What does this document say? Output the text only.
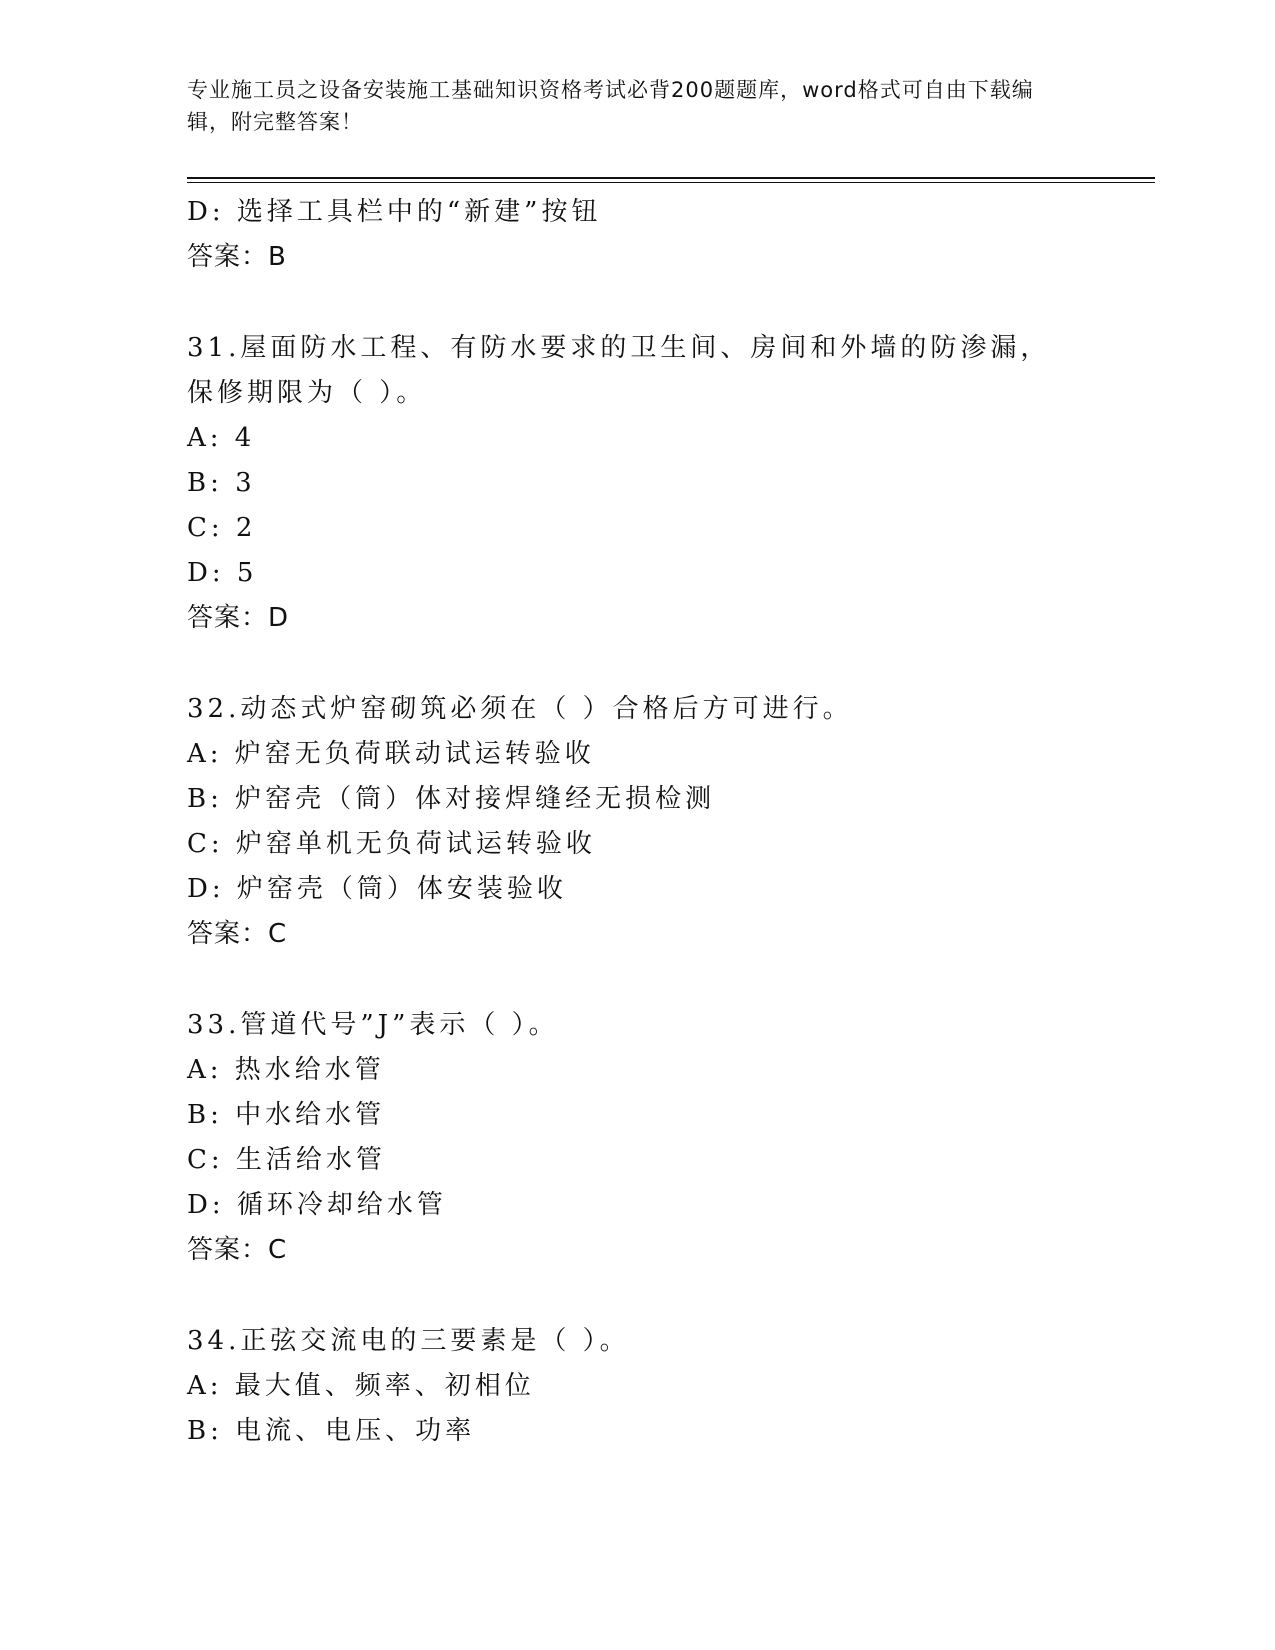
专业施工员之设备安装施工基础知识资格考试必背200题题库，word格式可自由下载编辑，附完整答案！
D: 选择工具栏中的“新建”按钮
答案：B
31.屋面防水工程、有防水要求的卫生间、房间和外墙的防渗漏，保修期限为（ ）。
A: 4
B: 3
C: 2
D: 5
答案：D
32.动态式炉窑砌筑必须在（ ）合格后方可进行。
A: 炉窑无负荷联动试运转验收
B: 炉窑壳（筒）体对接焊缝经无损检测
C: 炉窑单机无负荷试运转验收
D: 炉窑壳（筒）体安装验收
答案：C
33.管道代号”J”表示（ ）。
A: 热水给水管
B: 中水给水管
C: 生活给水管
D: 循环冷却给水管
答案：C
34.正弦交流电的三要素是（ ）。
A: 最大值、频率、初相位
B: 电流、电压、功率
